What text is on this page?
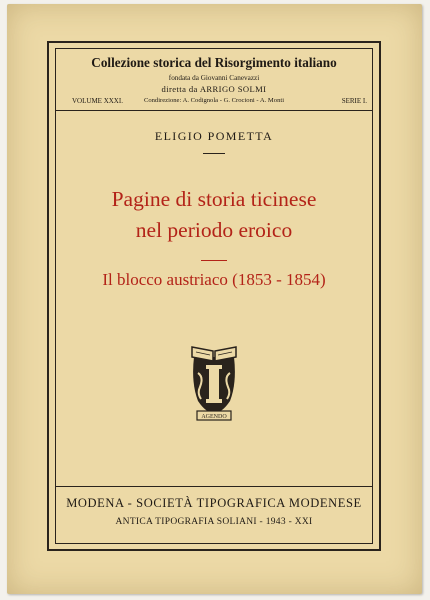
Collezione storica del Risorgimento italiano
fondata da Giovanni Canevazzi
diretta da ARRIGO SOLMI
VOLUME XXXI.	Condirezione: A. Codignola - G. Crocioni - A. Monti	SERIE I.
ELIGIO POMETTA
Pagine di storia ticinese
nel periodo eroico
Il blocco austriaco (1853 - 1854)
AGENDO
MODENA - SOCIETÀ TIPOGRAFICA MODENESE
ANTICA TIPOGRAFIA SOLIANI - 1943 - XXI
